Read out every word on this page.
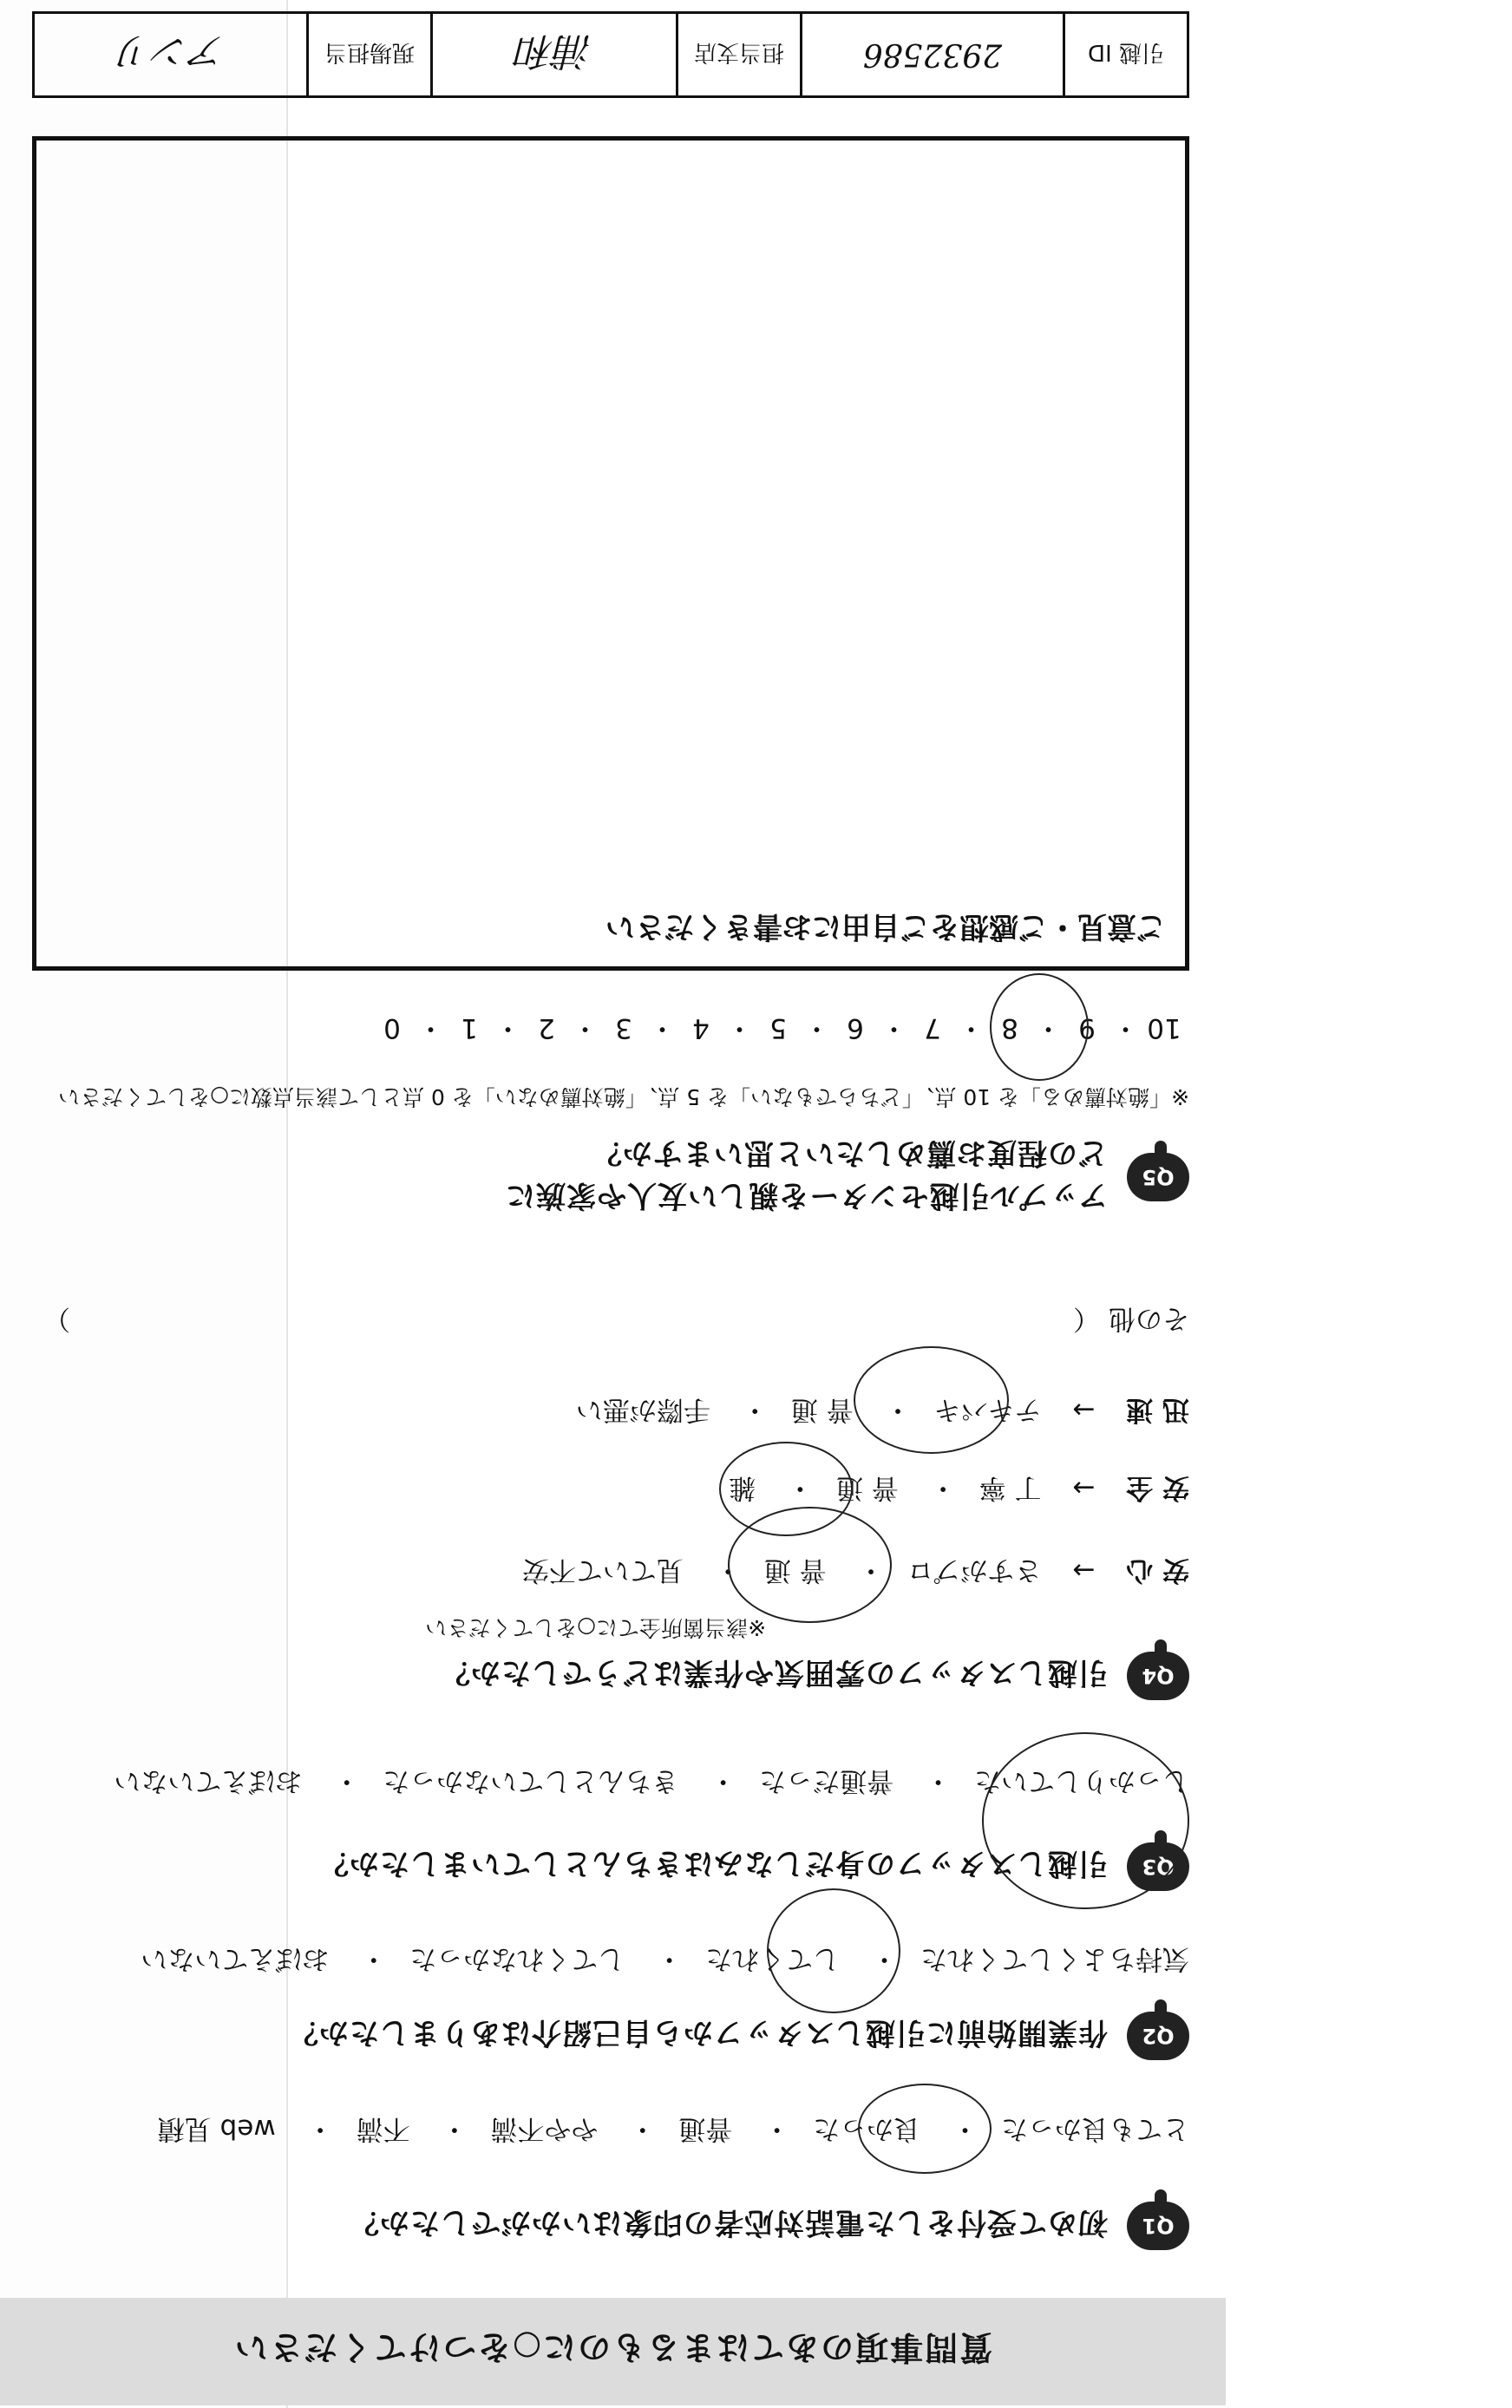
質問事項のあてはまるものに○をつけてください
Q1
初めて受付をした電話対応者の印象はいかがでしたか？
とても良かった・ 良かった・ 普通・ やや不満・ 不満・ web 見積
Q2
作業開始前に引越しスタッフから自己紹介はありましたか？
気持ちよくしてくれた・ してくれた・ してくれなかった・ おぼえていない
Q3
引越しスタッフの身だしなみはきちんとしていましたか？
しっかりしていた・ 普通だった・ きちんとしていなかった・ おぼえていない
Q4
引越しスタッフの雰囲気や作業はどうでしたか？
※該当箇所全てに○をしてください
安 心 → さすがプロ・ 普 通・ 見ていて不安
安 全 → 丁 寧・ 普 通・ 雑
迅 速 → テキパキ・ 普 通・ 手際が悪い
その他 （
）
Q5
アップル引越センターを親しい友人や家族に
どの程度お薦めしたいと思いますか？
※「絶対薦める」を 10 点、「どちらでもない」を 5 点、「絶対薦めない」を 0 点として該当点数に○をしてください
10・9・8・7・6・5・4・3・2・1・0
ご意見・ご感想をご自由にお書きください
引越 ID
2932586
担当支店
浦和
現場担当
アンリ
